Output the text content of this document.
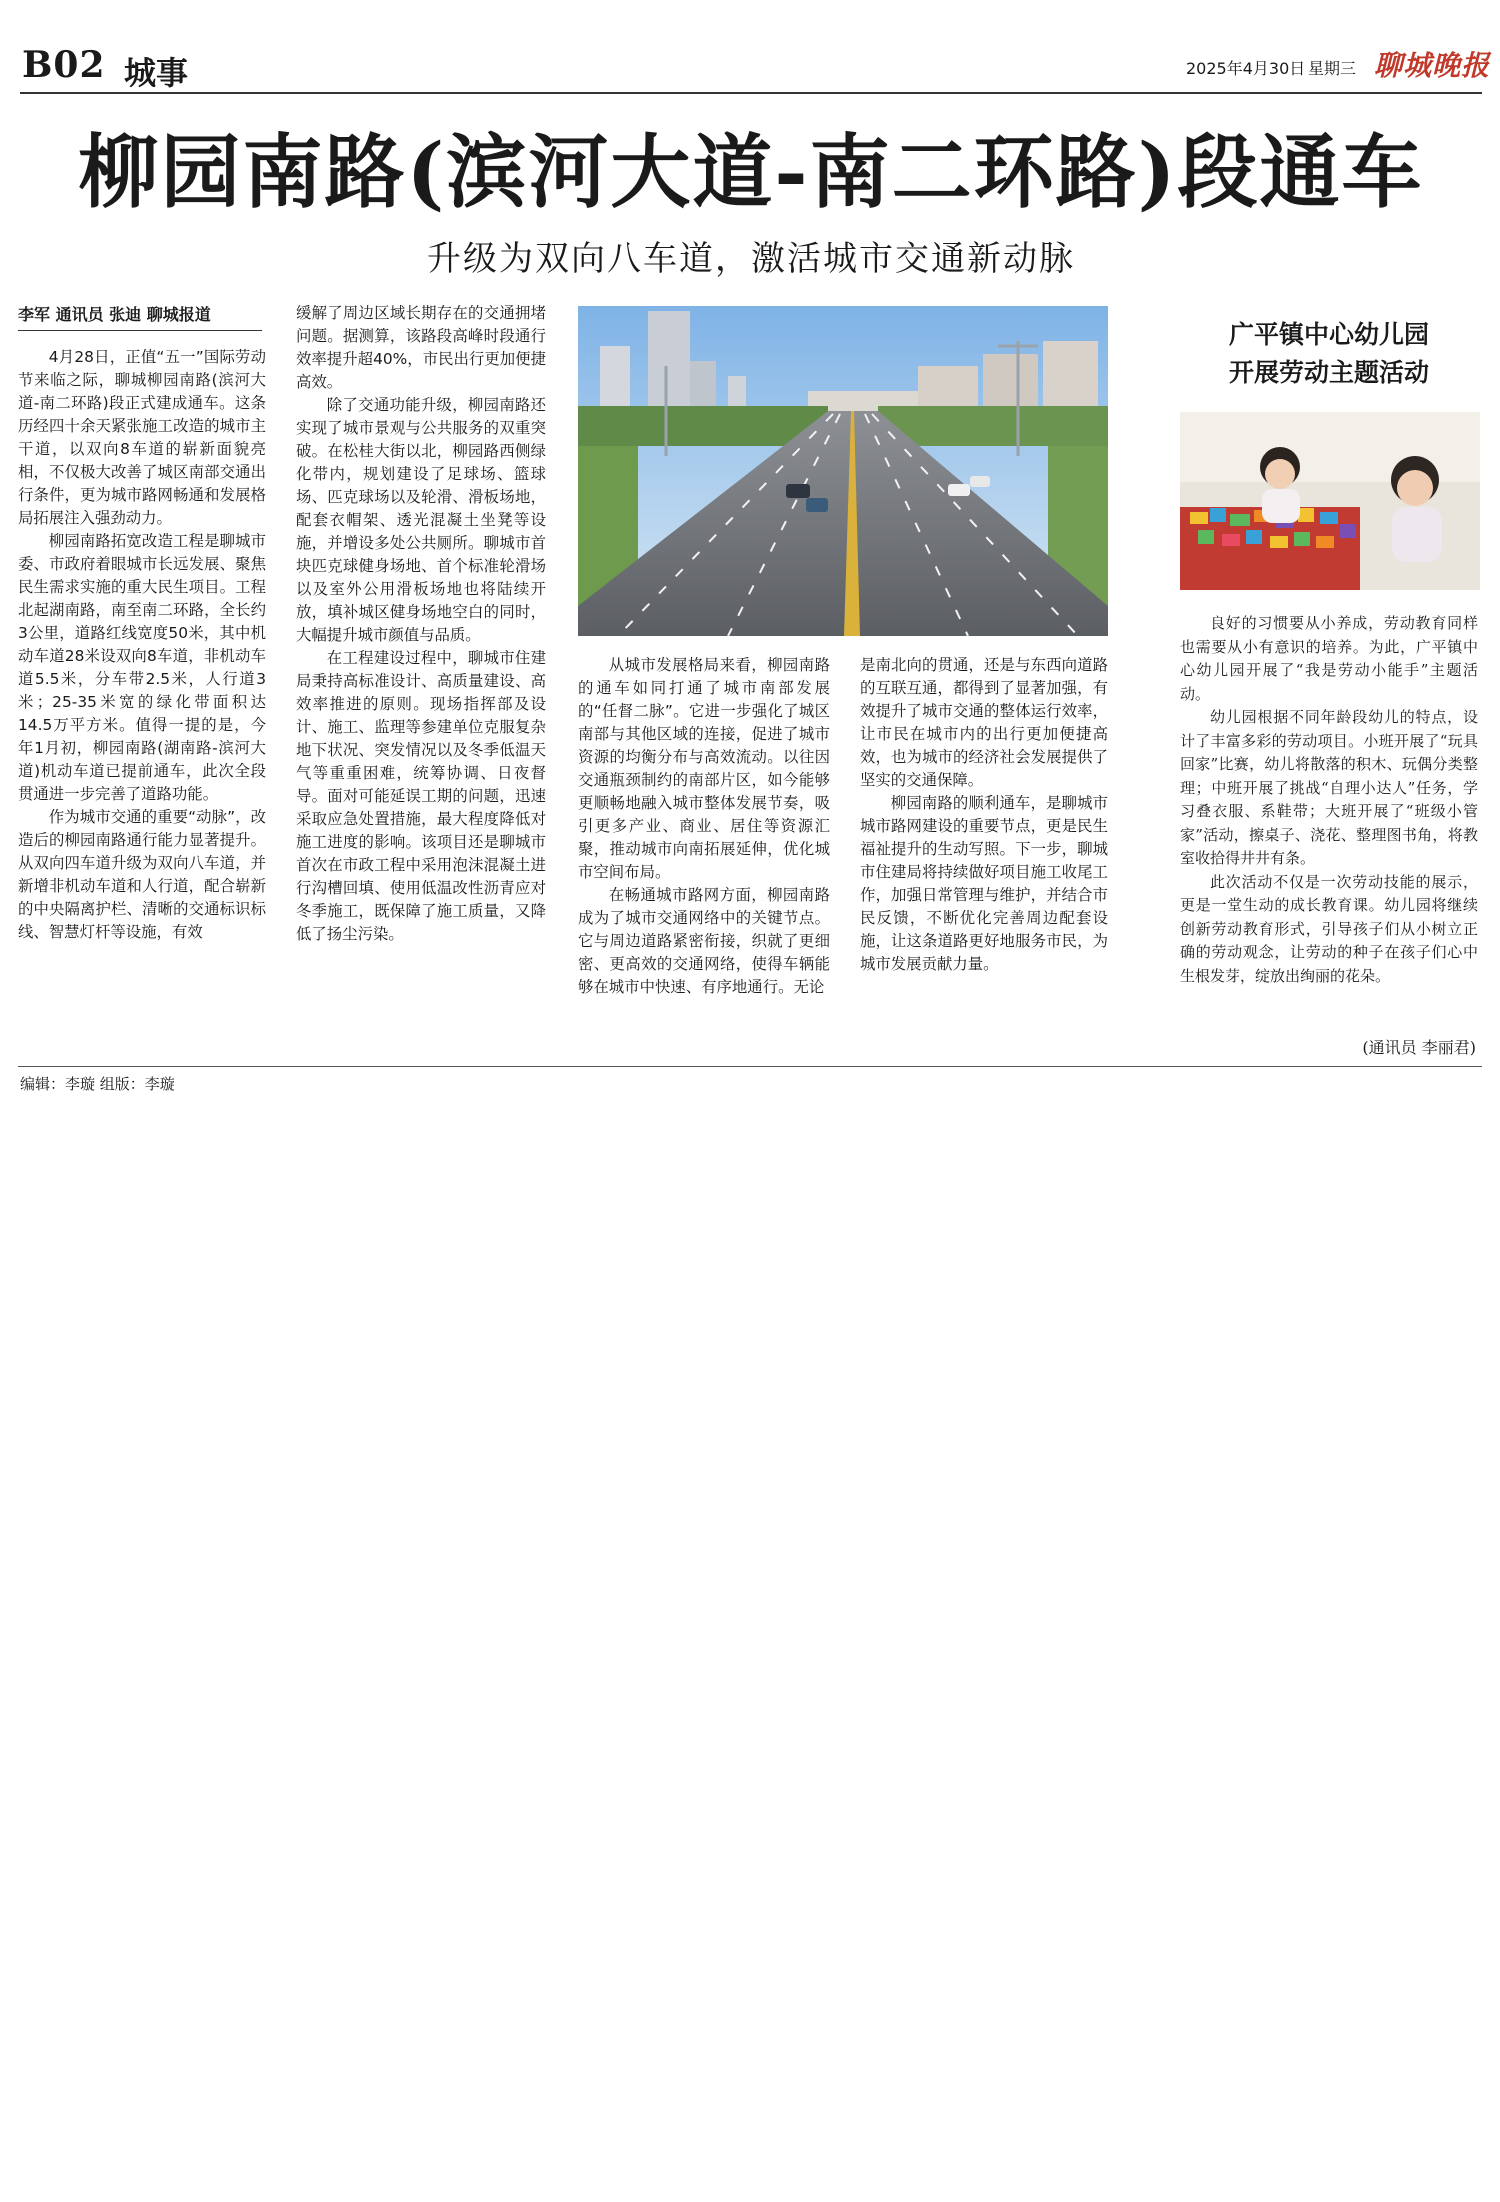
B02 城事	2025年4月30日 星期三 聊城晚报
柳园南路(滨河大道-南二环路)段通车
升级为双向八车道，激活城市交通新动脉
李军 通讯员 张迪 聊城报道

4月28日，正值“五一”国际劳动节来临之际，聊城柳园南路(滨河大道-南二环路)段正式建成通车。这条历经四十余天紧张施工改造的城市主干道，以双向8车道的崭新面貌亮相，不仅极大改善了城区南部交通出行条件，更为城市路网畅通和发展格局拓展注入强劲动力。

柳园南路拓宽改造工程是聊城市委、市政府着眼城市长远发展、聚焦民生需求实施的重大民生项目。工程北起湖南路，南至南二环路，全长约3公里，道路红线宽度50米，其中机动车道28米设双向8车道，非机动车道5.5米，分车带2.5米，人行道3米；25-35米宽的绿化带面积达14.5万平方米。值得一提的是，今年1月初，柳园南路(湖南路-滨河大道)机动车道已提前通车，此次全段贯通进一步完善了道路功能。

作为城市交通的重要“动脉”，改造后的柳园南路通行能力显著提升。从双向四车道升级为双向八车道，并新增非机动车道和人行道，配合崭新的中央隔离护栏、清晰的交通标识标线、智慧灯杆等设施，有效

缓解了周边区域长期存在的交通拥堵问题。据测算，该路段高峰时段通行效率提升超40%，市民出行更加便捷高效。

除了交通功能升级，柳园南路还实现了城市景观与公共服务的双重突破。在松桂大街以北，柳园路西侧绿化带内，规划建设了足球场、篮球场、匹克球场以及轮滑、滑板场地，配套衣帽架、透光混凝土坐凳等设施，并增设多处公共厕所。聊城市首块匹克球健身场地、首个标准轮滑场以及室外公用滑板场地也将陆续开放，填补城区健身场地空白的同时，大幅提升城市颜值与品质。

在工程建设过程中，聊城市住建局秉持高标准设计、高质量建设、高效率推进的原则。现场指挥部及设计、施工、监理等参建单位克服复杂地下状况、突发情况以及冬季低温天气等重重困难，统筹协调、日夜督导。面对可能延误工期的问题，迅速采取应急处置措施，最大程度降低对施工进度的影响。该项目还是聊城市首次在市政工程中采用泡沫混凝土进行沟槽回填、使用低温改性沥青应对冬季施工，既保障了施工质量，又降低了扬尘污染。

从城市发展格局来看，柳园南路的通车如同打通了城市南部发展的“任督二脉”。它进一步强化了城区南部与其他区域的连接，促进了城市资源的均衡分布与高效流动。以往因交通瓶颈制约的南部片区，如今能够更顺畅地融入城市整体发展节奏，吸引更多产业、商业、居住等资源汇聚，推动城市向南拓展延伸，优化城市空间布局。

在畅通城市路网方面，柳园南路成为了城市交通网络中的关键节点。它与周边道路紧密衔接，织就了更细密、更高效的交通网络，使得车辆能够在城市中快速、有序地通行。无论

是南北向的贯通，还是与东西向道路的互联互通，都得到了显著加强，有效提升了城市交通的整体运行效率，让市民在城市内的出行更加便捷高效，也为城市的经济社会发展提供了坚实的交通保障。

柳园南路的顺利通车，是聊城市城市路网建设的重要节点，更是民生福祉提升的生动写照。下一步，聊城市住建局将持续做好项目施工收尾工作，加强日常管理与维护，并结合市民反馈，不断优化完善周边配套设施，让这条道路更好地服务市民，为城市发展贡献力量。

广平镇中心幼儿园
开展劳动主题活动

良好的习惯要从小养成，劳动教育同样也需要从小有意识的培养。为此，广平镇中心幼儿园开展了“我是劳动小能手”主题活动。

幼儿园根据不同年龄段幼儿的特点，设计了丰富多彩的劳动项目。小班开展了“玩具回家”比赛，幼儿将散落的积木、玩偶分类整理；中班开展了挑战“自理小达人”任务，学习叠衣服、系鞋带；大班开展了“班级小管家”活动，擦桌子、浇花、整理图书角，将教室收拾得井井有条。

此次活动不仅是一次劳动技能的展示，更是一堂生动的成长教育课。幼儿园将继续创新劳动教育形式，引导孩子们从小树立正确的劳动观念，让劳动的种子在孩子们心中生根发芽，绽放出绚丽的花朵。

(通讯员 李丽君)
编辑：李璇 组版：李璇
